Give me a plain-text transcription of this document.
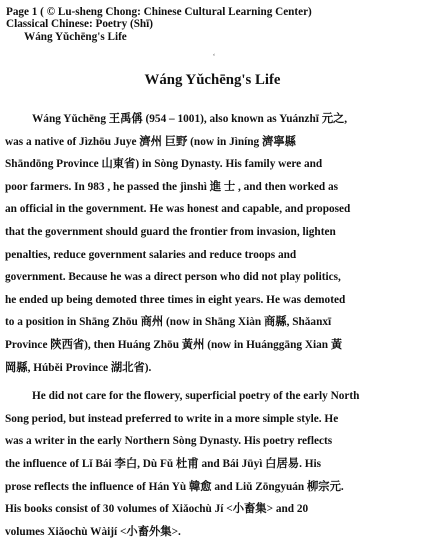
Page 1 ( © Lu-sheng Chong: Chinese Cultural Learning Center)
Classical Chinese: Poetry (Shī)
Wáng Yǔchēng's Life
‘
Wáng Yǔchēng's Life
Wáng Yǔchēng 王禹偁 (954 – 1001), also known as Yuánzhī 元之,
was a native of Jìzhōu Juye 濟州 巨野 (now in Jìníng 濟寧縣
Shāndōng Province 山東省) in Sòng Dynasty. His family were and
poor farmers. In 983 , he passed the jìnshì 進 士 , and then worked as
an official in the government. He was honest and capable, and proposed
that the government should guard the frontier from invasion, lighten
penalties, reduce government salaries and reduce troops and
government. Because he was a direct person who did not play politics,
he ended up being demoted three times in eight years. He was demoted
to a position in Shāng Zhōu 商州 (now in Shāng Xiàn 商縣, Shǎanxī
Province 陝西省), then Huáng Zhōu 黃州 (now in Huánggāng Xian 黃
岡縣, Húběi Province 湖北省).
He did not care for the flowery, superficial poetry of the early North
Song period, but instead preferred to write in a more simple style. He
was a writer in the early Northern Sòng Dynasty. His poetry reflects
the influence of Lǐ Bái 李白, Dù Fǔ 杜甫 and Bái Jūyì 白居易. His
prose reflects the influence of Hán Yù 韓愈 and Liǔ Zōngyuán 柳宗元.
His books consist of 30 volumes of Xiǎochù Jí <小畜集> and 20
volumes Xiǎochù Wàijí <小畜外集>.
